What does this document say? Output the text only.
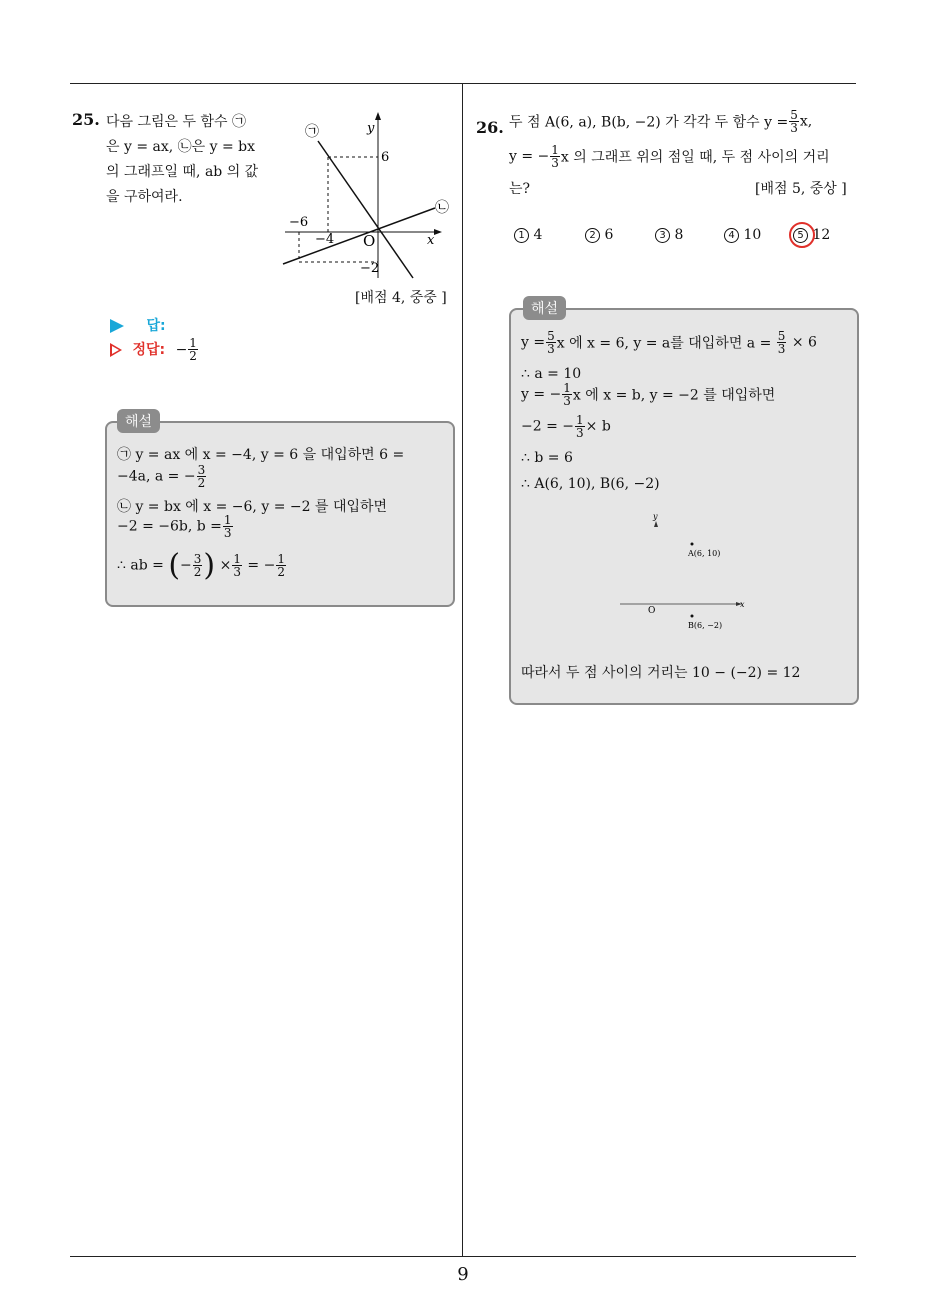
25. 다음 그림은 두 함수 ㉠
은 y = ax, ㉡은 y = bx
의 그래프일 때, ab 의 값
을 구하여라.
y
x
O
6
−6
−4
−2
㉠
㉡
[배점 4, 중중 ]
답:
정답: − $\frac{1}{2}$
해설
㉠ y = ax 에 x = −4, y = 6 을 대입하면 6 =
−4a, a = − $\frac{3}{2}$
㉡ y = bx 에 x = −6, y = −2 를 대입하면
−2 = −6b, $b = \frac{1}{3}$
∴ ab = (− $\frac{3}{2}$ ) × $\frac{1}{3}$ = − $\frac{1}{2}$
26. 두 점 A(6, a), B(b, −2) 가 각각 두 함수 $y = \frac{5}{3} x$,
y = − $\frac{1}{3}$ x 의 그래프 위의 점일 때, 두 점 사이의 거리
는?	[배점 5, 중상 ]
1 4	2 6	3 8	4 10	5 12
해설
$y = \frac{5}{3}$ x 에 x = 6, y = a를 대입하면 $a = \frac{5}{3} \times 6$
∴ a = 10
y = − $\frac{1}{3}$ x 에 x = b, y = −2 를 대입하면
−2 = − $\frac{1}{3} \times b$
∴ b = 6
∴ A(6, 10), B(6, −2)
y
x
O
A(6, 10)
B(6, −2)
따라서 두 점 사이의 거리는 10 − (−2) = 12
9
